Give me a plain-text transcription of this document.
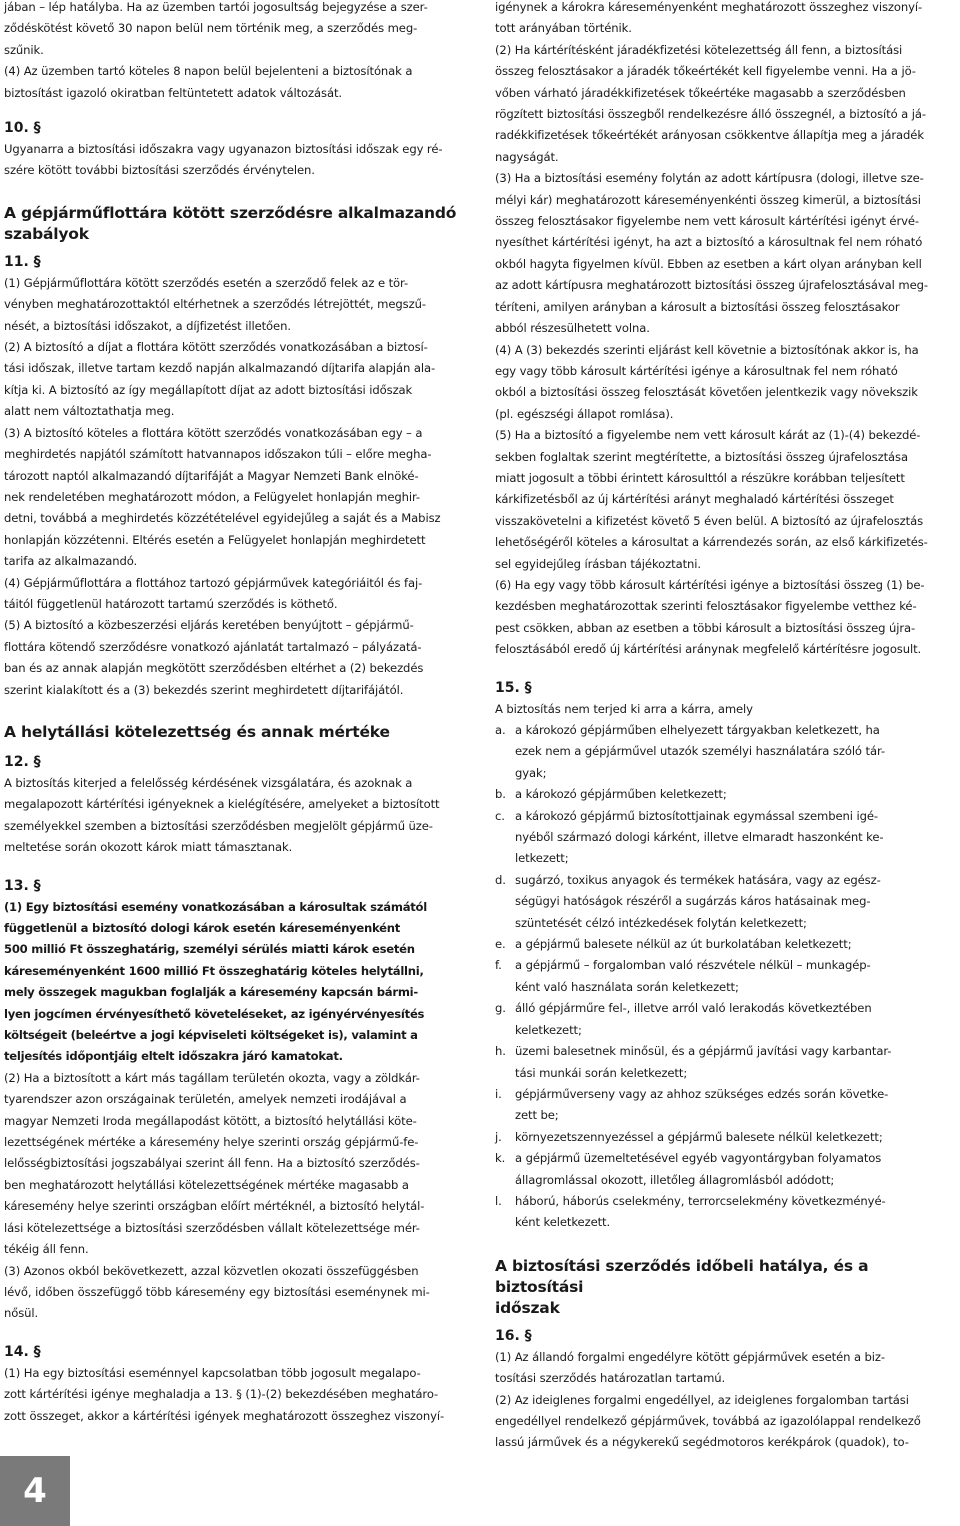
jában – lép hatályba. Ha az üzemben tartói jogosultság bejegyzése a szer-
ződéskötést követő 30 napon belül nem történik meg, a szerződés meg-
szűnik.

(4) Az üzemben tartó köteles 8 napon belül bejelenteni a biztosítónak a
biztosítást igazoló okiratban feltüntetett adatok változását.

10. §

Ugyanarra a biztosítási időszakra vagy ugyanazon biztosítási időszak egy ré-
szére kötött további biztosítási szerződés érvénytelen.

A gépjárműflottára kötött szerződésre alkalmazandó
szabályok

11. §

(1) Gépjárműflottára kötött szerződés esetén a szerződő felek az e tör-
vényben meghatározottaktól eltérhetnek a szerződés létrejöttét, megszű-
nését, a biztosítási időszakot, a díjfizetést illetően.

(2) A biztosító a díjat a flottára kötött szerződés vonatkozásában a biztosí-
tási időszak, illetve tartam kezdő napján alkalmazandó díjtarifa alapján ala-
kítja ki. A biztosító az így megállapított díjat az adott biztosítási időszak
alatt nem változtathatja meg.

(3) A biztosító köteles a flottára kötött szerződés vonatkozásában egy – a
meghirdetés napjától számított hatvannapos időszakon túli – előre megha-
tározott naptól alkalmazandó díjtarifáját a Magyar Nemzeti Bank elnöké-
nek rendeletében meghatározott módon, a Felügyelet honlapján meghir-
detni, továbbá a meghirdetés közzétételével egyidejűleg a saját és a Mabisz
honlapján közzétenni. Eltérés esetén a Felügyelet honlapján meghirdetett
tarifa az alkalmazandó.

(4) Gépjárműflottára a flottához tartozó gépjárművek kategóriáitól és faj-
táitól függetlenül határozott tartamú szerződés is köthető.

(5) A biztosító a közbeszerzési eljárás keretében benyújtott – gépjármű-
flottára kötendő szerződésre vonatkozó ajánlatát tartalmazó – pályázatá-
ban és az annak alapján megkötött szerződésben eltérhet a (2) bekezdés
szerint kialakított és a (3) bekezdés szerint meghirdetett díjtarifájától.

A helytállási kötelezettség és annak mértéke

12. §

A biztosítás kiterjed a felelősség kérdésének vizsgálatára, és azoknak a
megalapozott kártérítési igényeknek a kielégítésére, amelyeket a biztosított
személyekkel szemben a biztosítási szerződésben megjelölt gépjármű üze-
meltetése során okozott károk miatt támasztanak.

13. §

(1) Egy biztosítási esemény vonatkozásában a károsultak számától
függetlenül a biztosító dologi károk esetén káreseményenként
500 millió Ft összeghatárig, személyi sérülés miatti károk esetén
káreseményenként 1600 millió Ft összeghatárig köteles helytállni,
mely összegek magukban foglalják a káresemény kapcsán bármi-
lyen jogcímen érvényesíthető követeléseket, az igényérvényesítés
költségeit (beleértve a jogi képviseleti költségeket is), valamint a
teljesítés időpontjáig eltelt időszakra járó kamatokat.

(2) Ha a biztosított a kárt más tagállam területén okozta, vagy a zöldkár-
tyarendszer azon országainak területén, amelyek nemzeti irodájával a
magyar Nemzeti Iroda megállapodást kötött, a biztosító helytállási köte-
lezettségének mértéke a káresemény helye szerinti ország gépjármű-fe-
lelősségbiztosítási jogszabályai szerint áll fenn. Ha a biztosító szerződés-
ben meghatározott helytállási kötelezettségének mértéke magasabb a
káresemény helye szerinti országban előírt mértéknél, a biztosító helytál-
lási kötelezettsége a biztosítási szerződésben vállalt kötelezettsége mér-
tékéig áll fenn.

(3) Azonos okból bekövetkezett, azzal közvetlen okozati összefüggésben
lévő, időben összefüggő több káresemény egy biztosítási eseménynek mi-
nősül.

14. §

(1) Ha egy biztosítási eseménnyel kapcsolatban több jogosult megalapo-
zott kártérítési igénye meghaladja a 13. § (1)-(2) bekezdésében meghatáro-
zott összeget, akkor a kártérítési igények meghatározott összeghez viszonyí-

igénynek a károkra káreseményenként meghatározott összeghez viszonyí-
tott arányában történik.

(2) Ha kártérítésként járadékfizetési kötelezettség áll fenn, a biztosítási
összeg felosztásakor a járadék tőkeértékét kell figyelembe venni. Ha a jö-
vőben várható járadékkifizetések tőkeértéke magasabb a szerződésben
rögzített biztosítási összegből rendelkezésre álló összegnél, a biztosító a já-
radékkifizetések tőkeértékét arányosan csökkentve állapítja meg a járadék
nagyságát.

(3) Ha a biztosítási esemény folytán az adott kártípusra (dologi, illetve sze-
mélyi kár) meghatározott káreseményenkénti összeg kimerül, a biztosítási
összeg felosztásakor figyelembe nem vett károsult kártérítési igényt érvé-
nyesíthet kártérítési igényt, ha azt a biztosító a károsultnak fel nem róható
okból hagyta figyelmen kívül. Ebben az esetben a kárt olyan arányban kell
az adott kártípusra meghatározott biztosítási összeg újrafelosztásával meg-
téríteni, amilyen arányban a károsult a biztosítási összeg felosztásakor
abból részesülhetett volna.

(4) A (3) bekezdés szerinti eljárást kell követnie a biztosítónak akkor is, ha
egy vagy több károsult kártérítési igénye a károsultnak fel nem róható
okból a biztosítási összeg felosztását követően jelentkezik vagy növekszik
(pl. egészségi állapot romlása).

(5) Ha a biztosító a figyelembe nem vett károsult kárát az (1)-(4) bekezdé-
sekben foglaltak szerint megtérítette, a biztosítási összeg újrafelosztása
miatt jogosult a többi érintett károsulttól a részükre korábban teljesített
kárkifizetésből az új kártérítési arányt meghaladó kártérítési összeget
visszakövetelni a kifizetést követő 5 éven belül. A biztosító az újrafelosztás
lehetőségéről köteles a károsultat a kárrendezés során, az első kárkifizetés-
sel egyidejűleg írásban tájékoztatni.

(6) Ha egy vagy több károsult kártérítési igénye a biztosítási összeg (1) be-
kezdésben meghatározottak szerinti felosztásakor figyelembe vetthez ké-
pest csökken, abban az esetben a többi károsult a biztosítási összeg újra-
felosztásából eredő új kártérítési aránynak megfelelő kártérítésre jogosult.

15. §

A biztosítás nem terjed ki arra a kárra, amely

a. a károkozó gépjárműben elhelyezett tárgyakban keletkezett, ha
ezek nem a gépjárművel utazók személyi használatára szóló tár-
gyak;
b. a károkozó gépjárműben keletkezett;
c. a károkozó gépjármű biztosítottjainak egymással szembeni igé-
nyéből származó dologi kárként, illetve elmaradt haszonként ke-
letkezett;
d. sugárzó, toxikus anyagok és termékek hatására, vagy az egész-
ségügyi hatóságok részéről a sugárzás káros hatásainak meg-
szüntetését célzó intézkedések folytán keletkezett;
e. a gépjármű balesete nélkül az út burkolatában keletkezett;
f. a gépjármű – forgalomban való részvétele nélkül – munkagép-
ként való használata során keletkezett;
g. álló gépjárműre fel-, illetve arról való lerakodás következtében
keletkezett;
h. üzemi balesetnek minősül, és a gépjármű javítási vagy karbantar-
tási munkái során keletkezett;
i. gépjárműverseny vagy az ahhoz szükséges edzés során követke-
zett be;
j. környezetszennyezéssel a gépjármű balesete nélkül keletkezett;
k. a gépjármű üzemeltetésével egyéb vagyontárgyban folyamatos
állagromlással okozott, illetőleg állagromlásból adódott;
l. háború, háborús cselekmény, terrorcselekmény következményé-
ként keletkezett.

A biztosítási szerződés időbeli hatálya, és a biztosítási
időszak

16. §

(1) Az állandó forgalmi engedélyre kötött gépjárművek esetén a biz-
tosítási szerződés határozatlan tartamú.

(2) Az ideiglenes forgalmi engedéllyel, az ideiglenes forgalomban tartási
engedéllyel rendelkező gépjárművek, továbbá az igazolólappal rendelkező
lassú járművek és a négykerekű segédmotoros kerékpárok (quadok), to-

4
